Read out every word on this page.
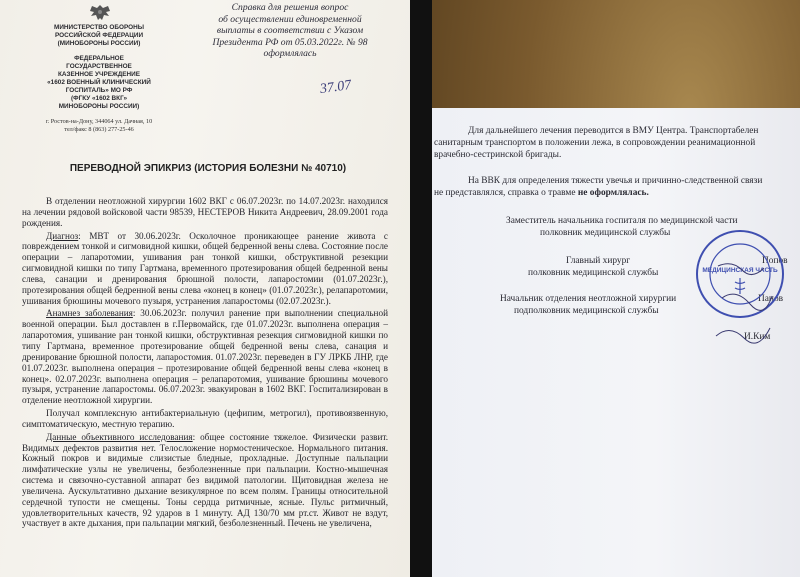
МИНИСТЕРСТВО ОБОРОНЫ
РОССИЙСКОЙ ФЕДЕРАЦИИ
(МИНОБОРОНЫ РОССИИ)
ФЕДЕРАЛЬНОЕ
ГОСУДАРСТВЕННОЕ
КАЗЕННОЕ УЧРЕЖДЕНИЕ
«1602 ВОЕННЫЙ КЛИНИЧЕСКИЙ
ГОСПИТАЛЬ» МО РФ
(ФГКУ «1602 ВКГ»
МИНОБОРОНЫ РОССИИ)
г. Ростов-на-Дону, 344064 ул. Дачная, 10
тел/факс 8 (863) 277-25-46
Справка для решения вопрос
об осуществлении единовременной
выплаты в соответствии с Указом
Президента РФ от 05.03.2022г. № 98
оформлялась
37.07
ПЕРЕВОДНОЙ ЭПИКРИЗ (ИСТОРИЯ БОЛЕЗНИ № 40710)

В отделении неотложной хирургии 1602 ВКГ с 06.07.2023г. по 14.07.2023г. находился на лечении рядовой войсковой части 98539, НЕСТЕРОВ Никита Андреевич, 28.09.2001 года рождения.

Диагноз: МВТ от 30.06.2023г. Осколочное проникающее ранение живота с повреждением тонкой и сигмовидной кишки, общей бедренной вены слева. Состояние после операции – лапаротомии, ушивания ран тонкой кишки, обструктивной резекции сигмовидной кишки по типу Гартмана, временного протезирования общей бедренной вены слева, санации и дренирования брюшной полости, лапаростомии (01.07.2023г.), протезирования общей бедренной вены слева «конец в конец» (01.07.2023г.), релапаротомии, ушивания брюшины мочевого пузыря, устранения лапаростомы (02.07.2023г.).

Анамнез заболевания: 30.06.2023г. получил ранение при выполнении специальной военной операции. Был доставлен в г.Первомайск, где 01.07.2023г. выполнена операция – лапаротомия, ушивание ран тонкой кишки, обструктивная резекция сигмовидной кишки по типу Гартмана, временное протезирование общей бедренной вены слева, санация и дренирование брюшной полости, лапаростомия. 01.07.2023г. переведен в ГУ ЛРКБ ЛНР, где 01.07.2023г. выполнена операция – протезирование общей бедренной вены слева «конец в конец». 02.07.2023г. выполнена операция – релапаротомия, ушивание брюшины мочевого пузыря, устранение лапаростомы. 06.07.2023г. эвакуирован в 1602 ВКГ. Госпитализирован в отделение неотложной хирургии.

Получал комплексную антибактериальную (цефипим, метрогил), противоязвенную, симптоматическую, местную терапию.

Данные объективного исследования: общее состояние тяжелое. Физически развит. Видимых дефектов развития нет. Телосложение нормостеническое. Нормального питания. Кожный покров и видимые слизистые бледные, прохладные. Доступные пальпации лимфатические узлы не увеличены, безболезненные при пальпации. Костно-мышечная система и связочно-суставной аппарат без видимой патологии. Щитовидная железа не увеличена. Аускультативно дыхание везикулярное по всем полям. Границы относительной сердечной тупости не смещены. Тоны сердца ритмичные, ясные. Пульс ритмичный, удовлетворительных качеств, 92 ударов в 1 минуту. АД 130/70 мм рт.ст. Живот не вздут, участвует в акте дыхания, при пальпации мягкий, безболезненный. Печень не увеличена,

Для дальнейшего лечения переводится в ВМУ Центра. Транспортабелен
санитарным транспортом в положении лежа, в сопровождении реанимационной
врачебно-сестринской бригады.
На ВВК для определения тяжести увечья и причинно-следственной связи
не представлялся, справка о травме не оформлялась.
Заместитель начальника госпиталя по медицинской части
полковник медицинской службы
Главный хирург
полковник медицинской службы
Попов
Начальник отделения неотложной хирургии
подполковник медицинской службы
Панов
И.Ким
МЕДИЦИНСКАЯ ЧАСТЬ
